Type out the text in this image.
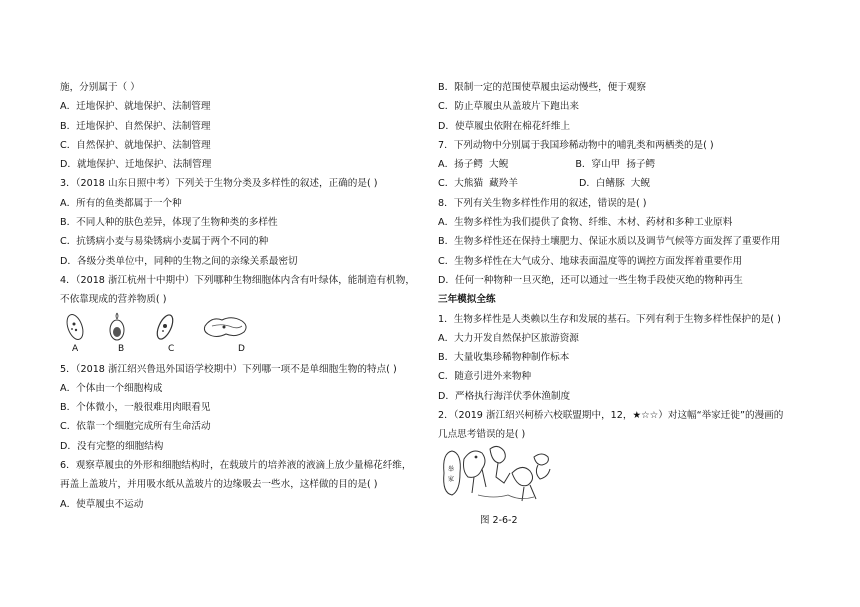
施，分别属于（ ）
A．迁地保护、就地保护、法制管理
B．迁地保护、自然保护、法制管理
C．自然保护、就地保护、法制管理
D．就地保护、迁地保护、法制管理
3．（2018 山东日照中考）下列关于生物分类及多样性的叙述，正确的是( )
A．所有的鱼类都属于一个种
B．不同人种的肤色差异，体现了生物种类的多样性
C．抗锈病小麦与易染锈病小麦属于两个不同的种
D．各级分类单位中，同种的生物之间的亲缘关系最密切
4．（2018 浙江杭州十中期中）下列哪种生物细胞体内含有叶绿体，能制造有机物，
不依靠现成的营养物质( )
A	B	C	D
5．（2018 浙江绍兴鲁迅外国语学校期中）下列哪一项不是单细胞生物的特点( )
A．个体由一个细胞构成
B．个体微小，一般很难用肉眼看见
C．依靠一个细胞完成所有生命活动
D．没有完整的细胞结构
6．观察草履虫的外形和细胞结构时，在载玻片的培养液的液滴上放少量棉花纤维，
再盖上盖玻片，并用吸水纸从盖玻片的边缘吸去一些水，这样做的目的是( )
A．使草履虫不运动
B．限制一定的范围使草履虫运动慢些，便于观察
C．防止草履虫从盖玻片下跑出来
D．使草履虫依附在棉花纤维上
7．下列动物中分别属于我国珍稀动物中的哺乳类和两栖类的是( )
A．扬子鳄  大鲵                      B．穿山甲  扬子鳄
C．大熊猫  藏羚羊                    D．白鳍豚  大鲵
8．下列有关生物多样性作用的叙述，错误的是( )
A．生物多样性为我们提供了食物、纤维、木材、药材和多种工业原料
B．生物多样性还在保持土壤肥力、保证水质以及调节气候等方面发挥了重要作用
C．生物多样性在大气成分、地球表面温度等的调控方面发挥着重要作用
D．任何一种物种一旦灭绝，还可以通过一些生物手段使灭绝的物种再生
三年模拟全练
1．生物多样性是人类赖以生存和发展的基石。下列有利于生物多样性保护的是( )
A．大力开发自然保护区旅游资源
B．大量收集珍稀物种制作标本
C．随意引进外来物种
D．严格执行海洋伏季休渔制度
2．（2019 浙江绍兴柯桥六校联盟期中，12，★☆☆）对这幅“举家迁徙”的漫画的
几点思考错误的是( )
举
家
图 2-6-2
